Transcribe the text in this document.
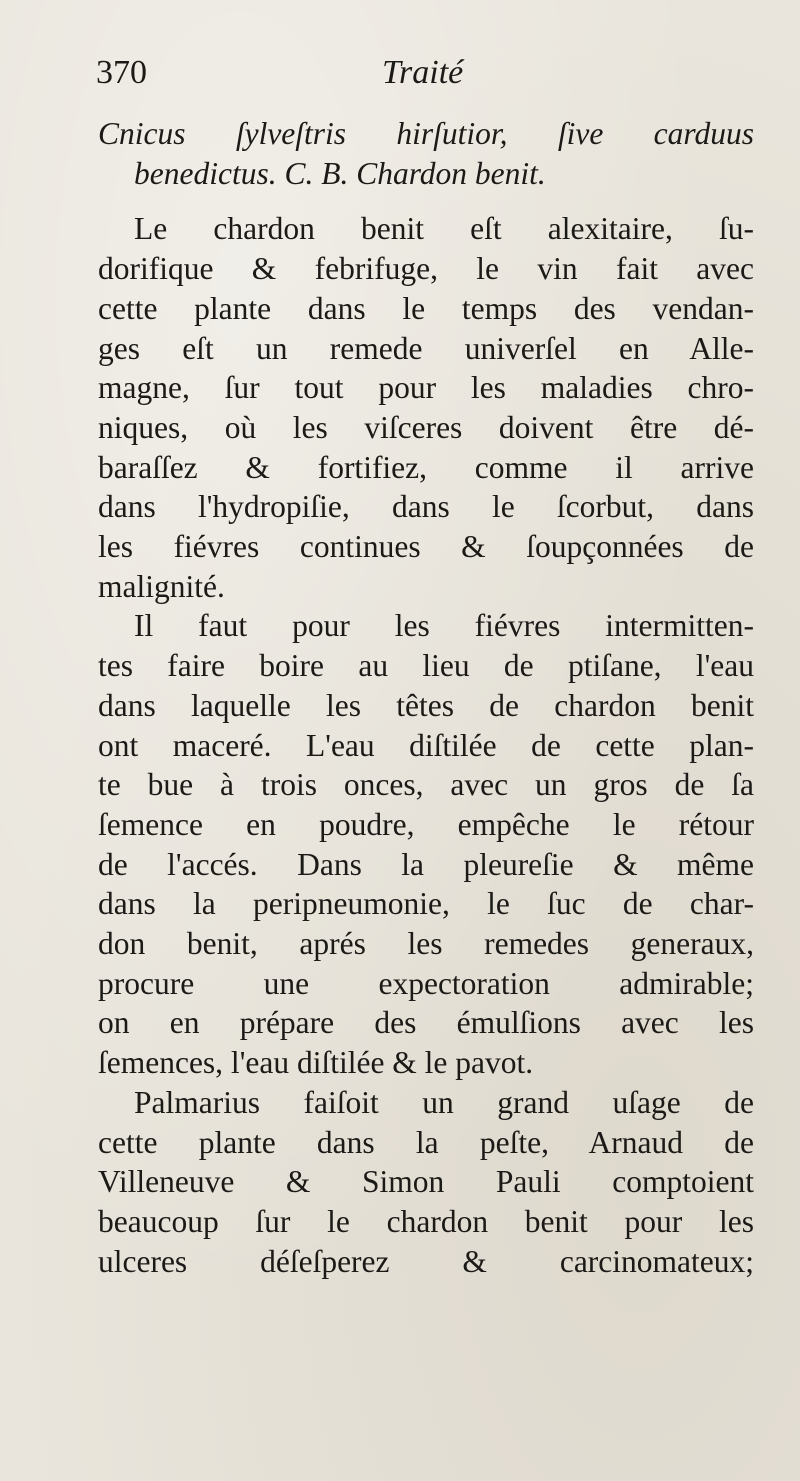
370	Traité
Cnicus ſylveſtris hirſutior, ſive carduus
benedictus. C. B. Chardon benit.
Le chardon benit eſt alexitaire, ſu-
dorifique & febrifuge, le vin fait avec
cette plante dans le temps des vendan-
ges eſt un remede univerſel en Alle-
magne, ſur tout pour les maladies chro-
niques, où les viſceres doivent être dé-
baraſſez & fortifiez, comme il arrive
dans l'hydropiſie, dans le ſcorbut, dans
les fiévres continues & ſoupçonnées de
malignité.
Il faut pour les fiévres intermitten-
tes faire boire au lieu de ptiſane, l'eau
dans laquelle les têtes de chardon benit
ont maceré. L'eau diſtilée de cette plan-
te bue à trois onces, avec un gros de ſa
ſemence en poudre, empêche le rétour
de l'accés. Dans la pleureſie & même
dans la peripneumonie, le ſuc de char-
don benit, aprés les remedes generaux,
procure une expectoration admirable;
on en prépare des émulſions avec les
ſemences, l'eau diſtilée & le pavot.
Palmarius faiſoit un grand uſage de
cette plante dans la peſte, Arnaud de
Villeneuve & Simon Pauli comptoient
beaucoup ſur le chardon benit pour les
ulceres déſeſperez & carcinomateux;
